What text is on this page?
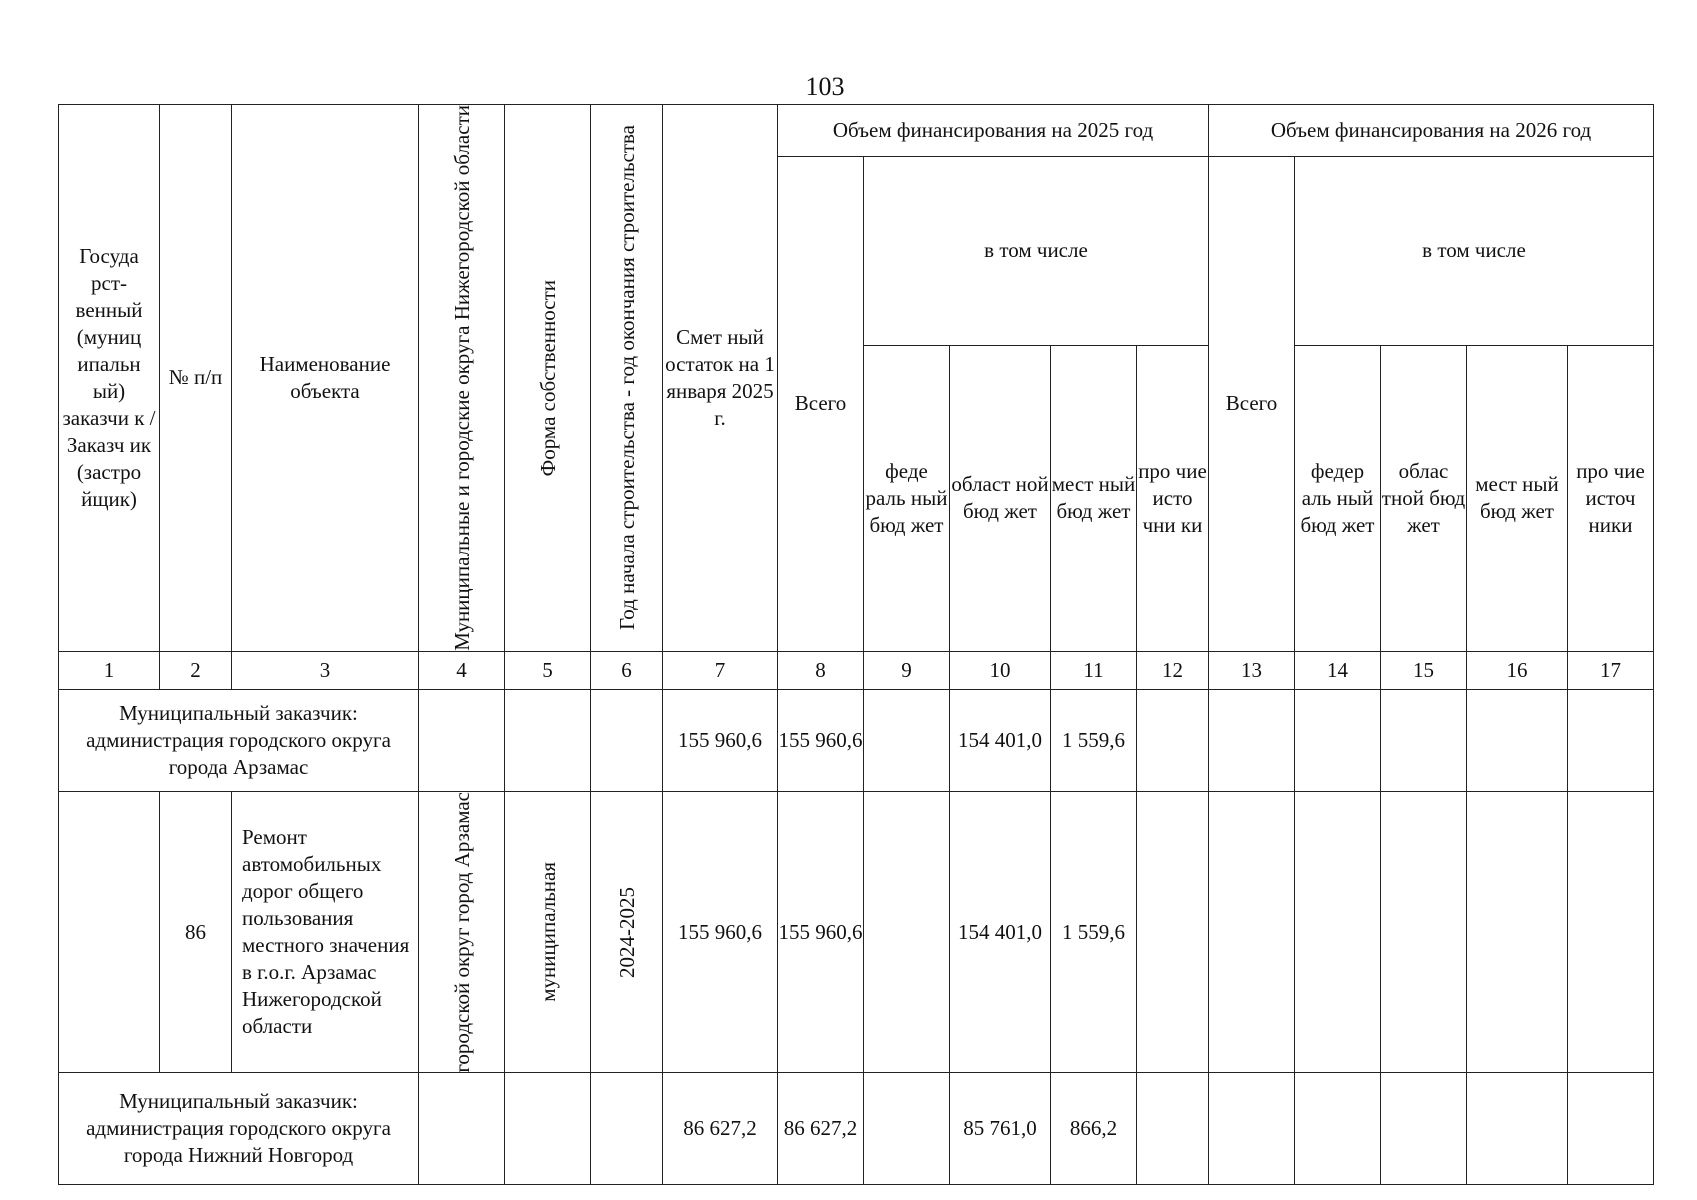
103
Госуда рст- венный (муниц ипальн ый) заказчи к / Заказч ик (застро йщик)	№ п/п	Наименование объекта	Муниципальные и городские округа Нижегородской области	Форма собственности	Год начала строительства - год окончания строительства	Смет ный остаток на 1 января 2025 г.	Объем финансирования на 2025 год					Объем финансирования на 2026 год				
							Всего	в том числе				Всего	в том числе			
								феде раль ный бюд жет	област ной бюд жет	мест ный бюд жет	про чие исто чни ки		федер аль ный бюд жет	облас тной бюд жет	мест ный бюд жет	про чие источ ники
1	2	3	4	5	6	7	8	9	10	11	12	13	14	15	16	17
Муниципальный заказчик: администрация городского округа города Арзамас						155 960,6	155 960,6		154 401,0	1 559,6						
	86	Ремонт автомобильных дорог общего пользования местного значения в г.о.г. Арзамас Нижегородской области	городской округ город Арзамас	муниципальная	2024-2025	155 960,6	155 960,6		154 401,0	1 559,6						
Муниципальный заказчик: администрация городского округа города Нижний Новгород						86 627,2	86 627,2		85 761,0	866,2						
